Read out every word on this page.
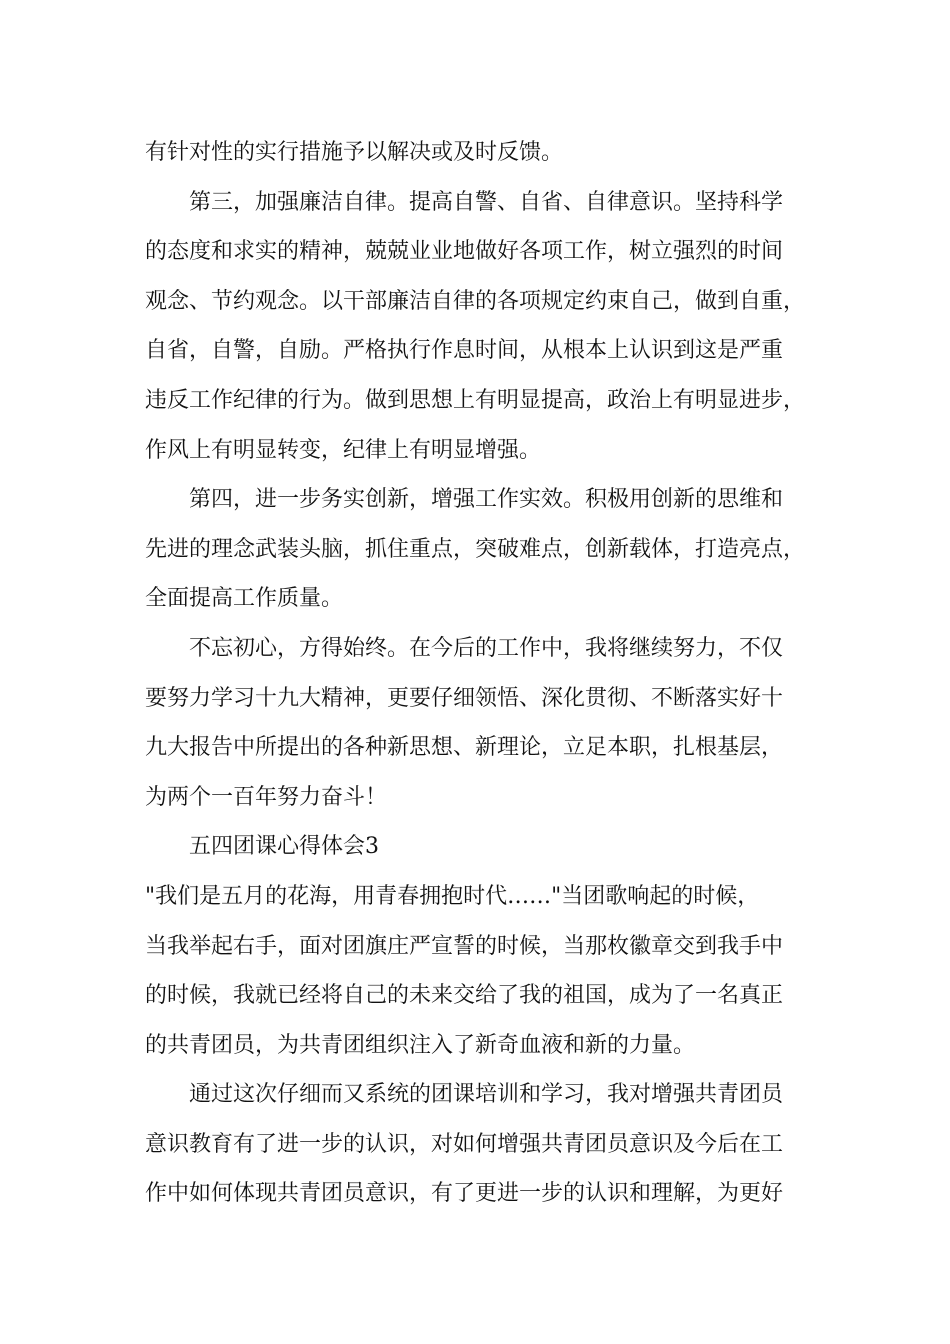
有针对性的实行措施予以解决或及时反馈。
第三，加强廉洁自律。提高自警、自省、自律意识。坚持科学
的态度和求实的精神，兢兢业业地做好各项工作，树立强烈的时间
观念、节约观念。以干部廉洁自律的各项规定约束自己，做到自重，
自省，自警，自励。严格执行作息时间，从根本上认识到这是严重
违反工作纪律的行为。做到思想上有明显提高，政治上有明显进步，
作风上有明显转变，纪律上有明显增强。
第四，进一步务实创新，增强工作实效。积极用创新的思维和
先进的理念武装头脑，抓住重点，突破难点，创新载体，打造亮点，
全面提高工作质量。
不忘初心，方得始终。在今后的工作中，我将继续努力，不仅
要努力学习十九大精神，更要仔细领悟、深化贯彻、不断落实好十
九大报告中所提出的各种新思想、新理论，立足本职，扎根基层，
为两个一百年努力奋斗！
五四团课心得体会3
"我们是五月的花海，用青春拥抱时代……"当团歌响起的时候，
当我举起右手，面对团旗庄严宣誓的时候，当那枚徽章交到我手中
的时候，我就已经将自己的未来交给了我的祖国，成为了一名真正
的共青团员，为共青团组织注入了新奇血液和新的力量。
通过这次仔细而又系统的团课培训和学习，我对增强共青团员
意识教育有了进一步的认识，对如何增强共青团员意识及今后在工
作中如何体现共青团员意识，有了更进一步的认识和理解，为更好
